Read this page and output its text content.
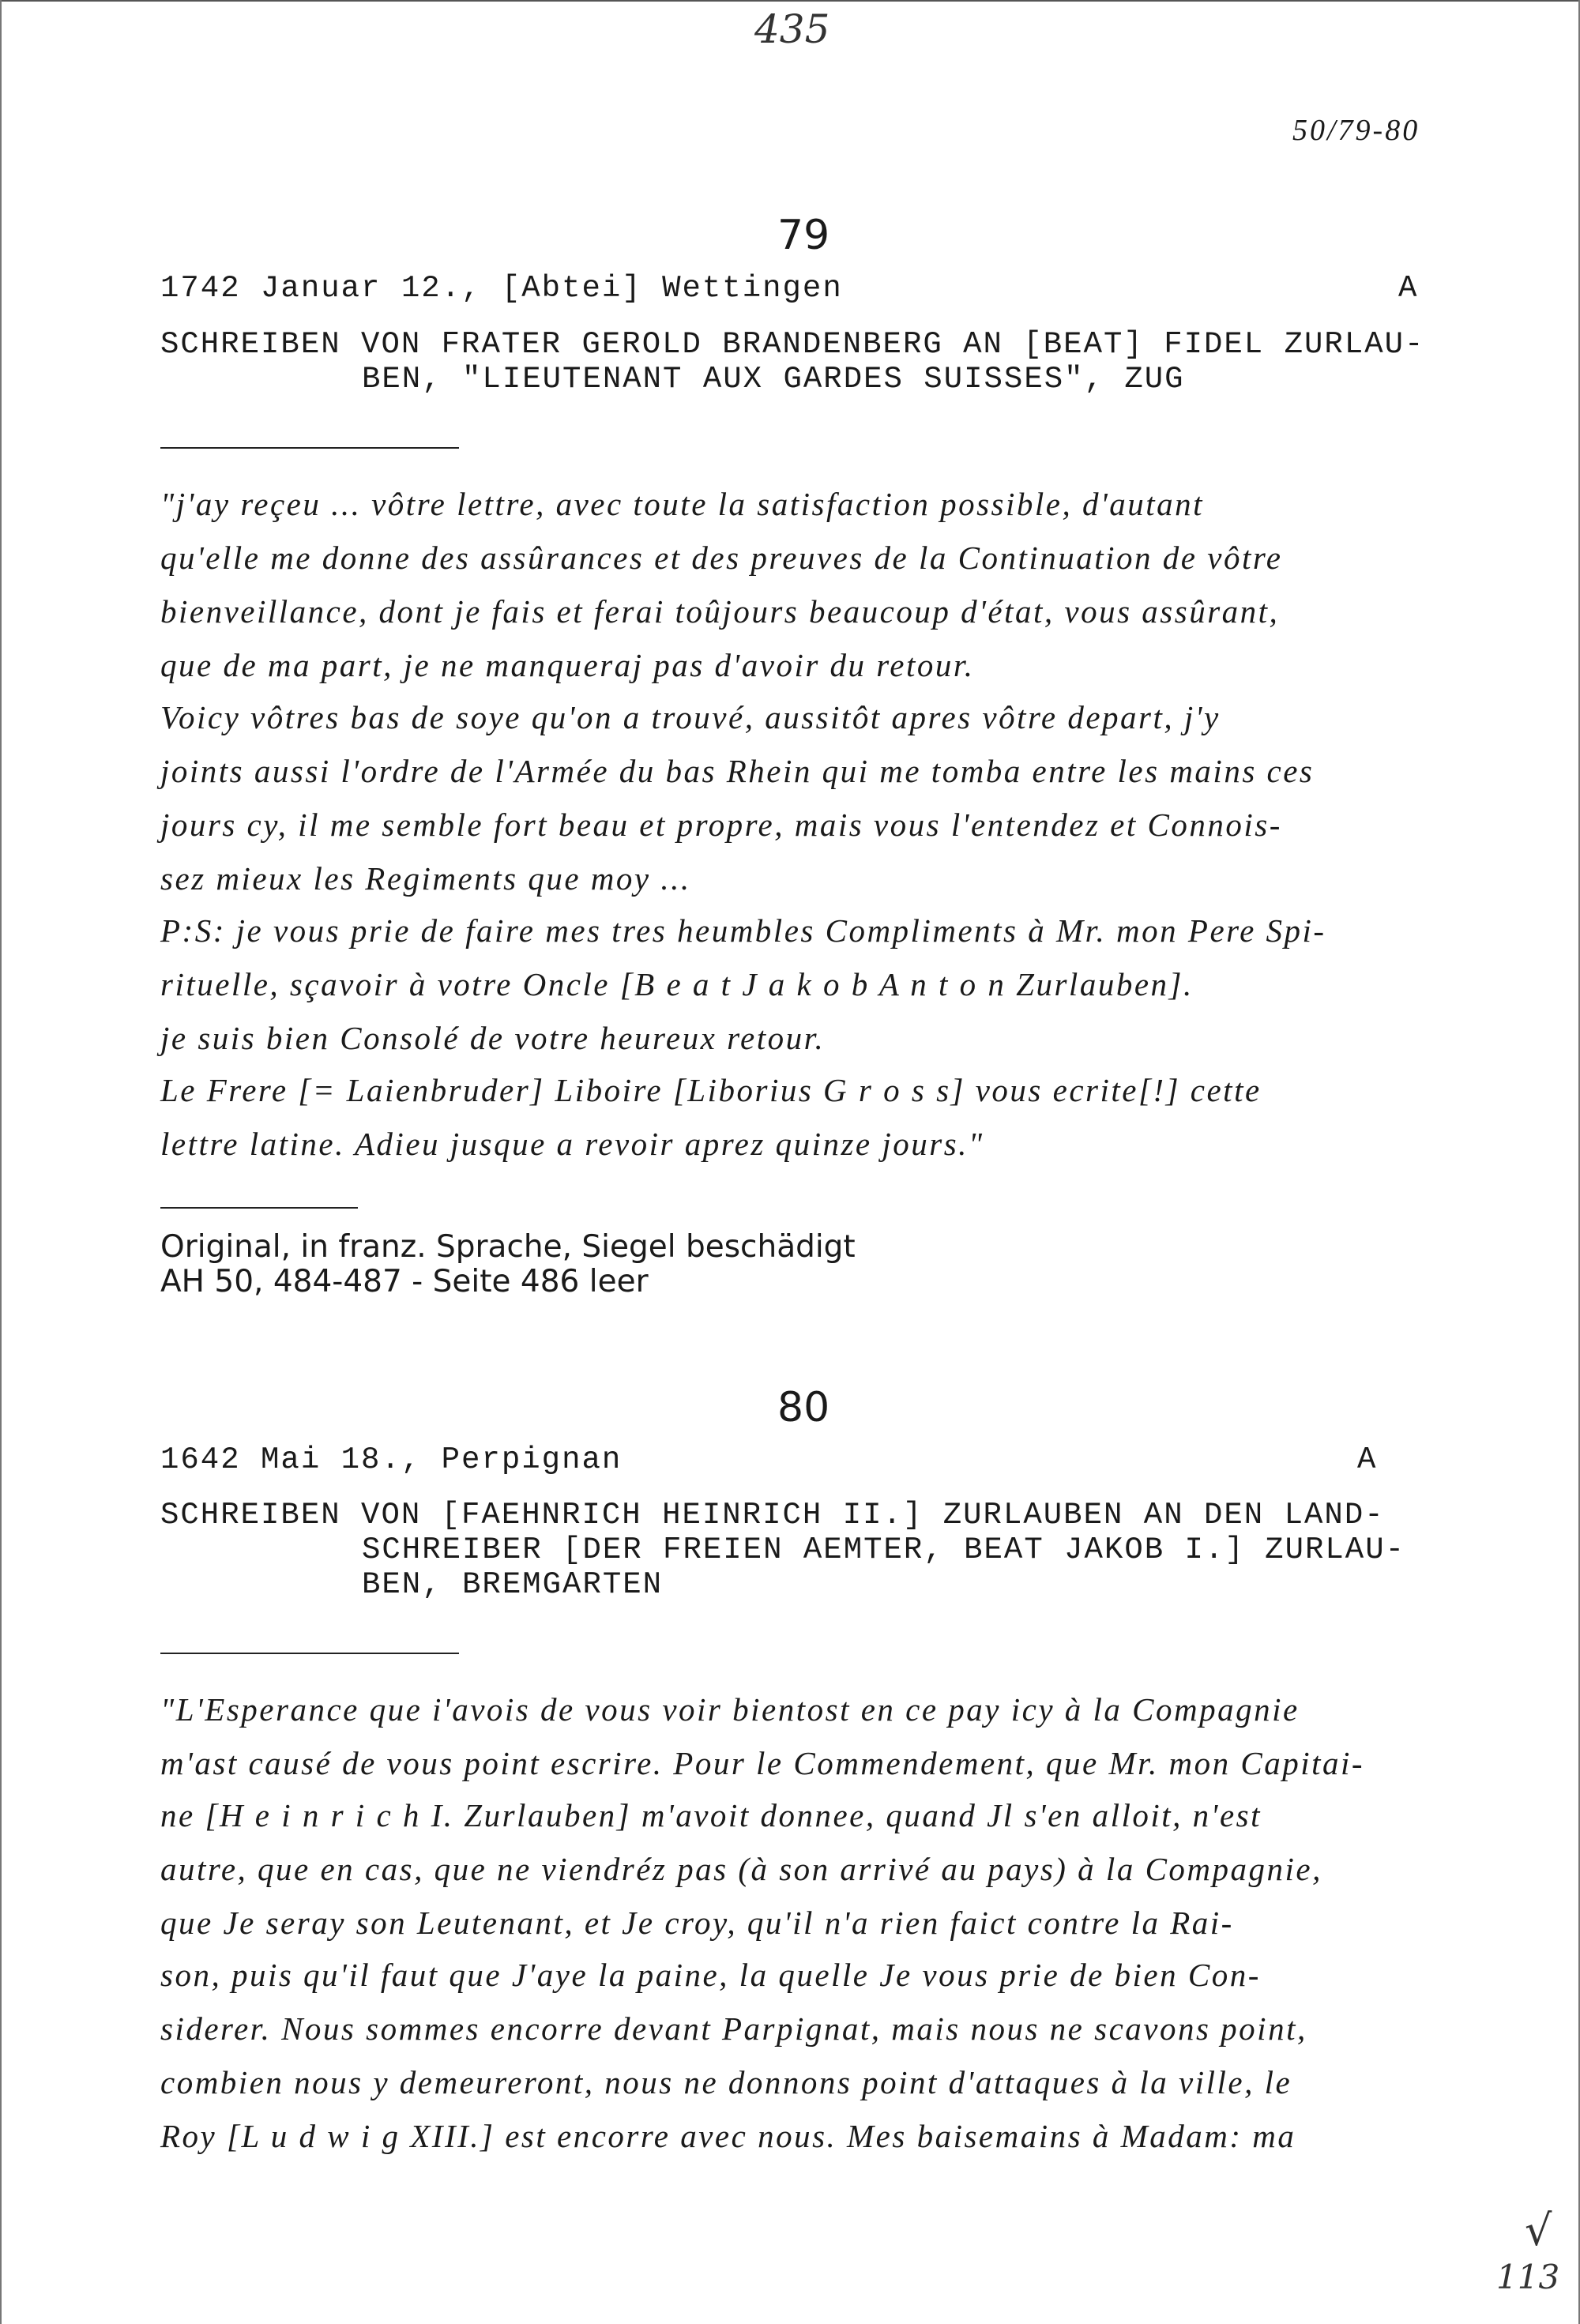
435
50/79-80
79
1742 Januar 12., [Abtei] Wettingen	A
SCHREIBEN VON FRATER GEROLD BRANDENBERG AN [BEAT] FIDEL ZURLAU-
BEN, "LIEUTENANT AUX GARDES SUISSES", ZUG
"j'ay reçeu ... vôtre lettre, avec toute la satisfaction possible, d'autant
qu'elle me donne des assûrances et des preuves de la Continuation de vôtre
bienveillance, dont je fais et ferai toûjours beaucoup d'état, vous assûrant,
que de ma part, je ne manqueraj pas d'avoir du retour.
Voicy vôtres bas de soye qu'on a trouvé, aussitôt apres vôtre depart, j'y
joints aussi l'ordre de l'Armée du bas Rhein qui me tomba entre les mains ces
jours cy, il me semble fort beau et propre, mais vous l'entendez et Connois-
sez mieux les Regiments que moy ...
P:S: je vous prie de faire mes tres heumbles Compliments à Mr. mon Pere Spi-
rituelle, sçavoir à votre Oncle [B e a t J a k o b A n t o n Zurlauben].
je suis bien Consolé de votre heureux retour.
Le Frere [= Laienbruder] Liboire [Liborius G r o s s] vous ecrite[!] cette
lettre latine. Adieu jusque a revoir aprez quinze jours."
Original, in franz. Sprache, Siegel beschädigt
AH 50, 484-487 - Seite 486 leer
80
1642 Mai 18., Perpignan	A
SCHREIBEN VON [FAEHNRICH HEINRICH II.] ZURLAUBEN AN DEN LAND-
SCHREIBER [DER FREIEN AEMTER, BEAT JAKOB I.] ZURLAU-
BEN, BREMGARTEN
"L'Esperance que i'avois de vous voir bientost en ce pay icy à la Compagnie
m'ast causé de vous point escrire. Pour le Commendement, que Mr. mon Capitai-
ne [H e i n r i c h I. Zurlauben] m'avoit donnee, quand Jl s'en alloit, n'est
autre, que en cas, que ne viendréz pas (à son arrivé au pays) à la Compagnie,
que Je seray son Leutenant, et Je croy, qu'il n'a rien faict contre la Rai-
son, puis qu'il faut que J'aye la paine, la quelle Je vous prie de bien Con-
siderer. Nous sommes encorre devant Parpignat, mais nous ne scavons point,
combien nous y demeureront, nous ne donnons point d'attaques à la ville, le
Roy [L u d w i g XIII.] est encorre avec nous. Mes baisemains à Madam: ma
√
113
